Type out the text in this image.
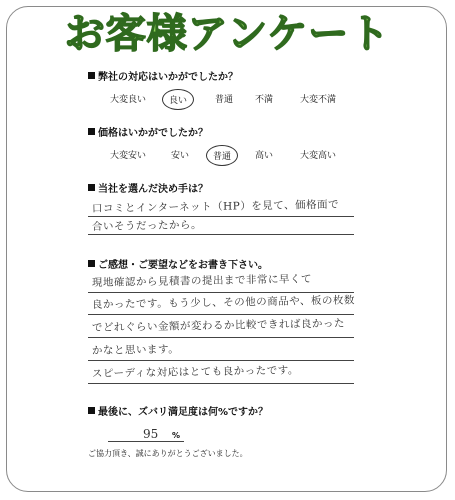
お客様アンケート
弊社の対応はいかがでしたか？
大変良い	良い	普通	不満	大変不満
価格はいかがでしたか？
大変安い	安い	普通	高い	大変高い
当社を選んだ決め手は？
口コミとインターネット（HP）を見て、価格面で
合いそうだったから。
ご感想・ご要望などをお書き下さい。
現地確認から見積書の提出まで非常に早くて
良かったです。もう少し、その他の商品や、板の枚数
でどれぐらい金額が変わるか比較できれば良かった
かなと思います。
スピーディな対応はとても良かったです。
最後に、ズバリ満足度は何%ですか？
95 %
ご協力頂き、誠にありがとうございました。
